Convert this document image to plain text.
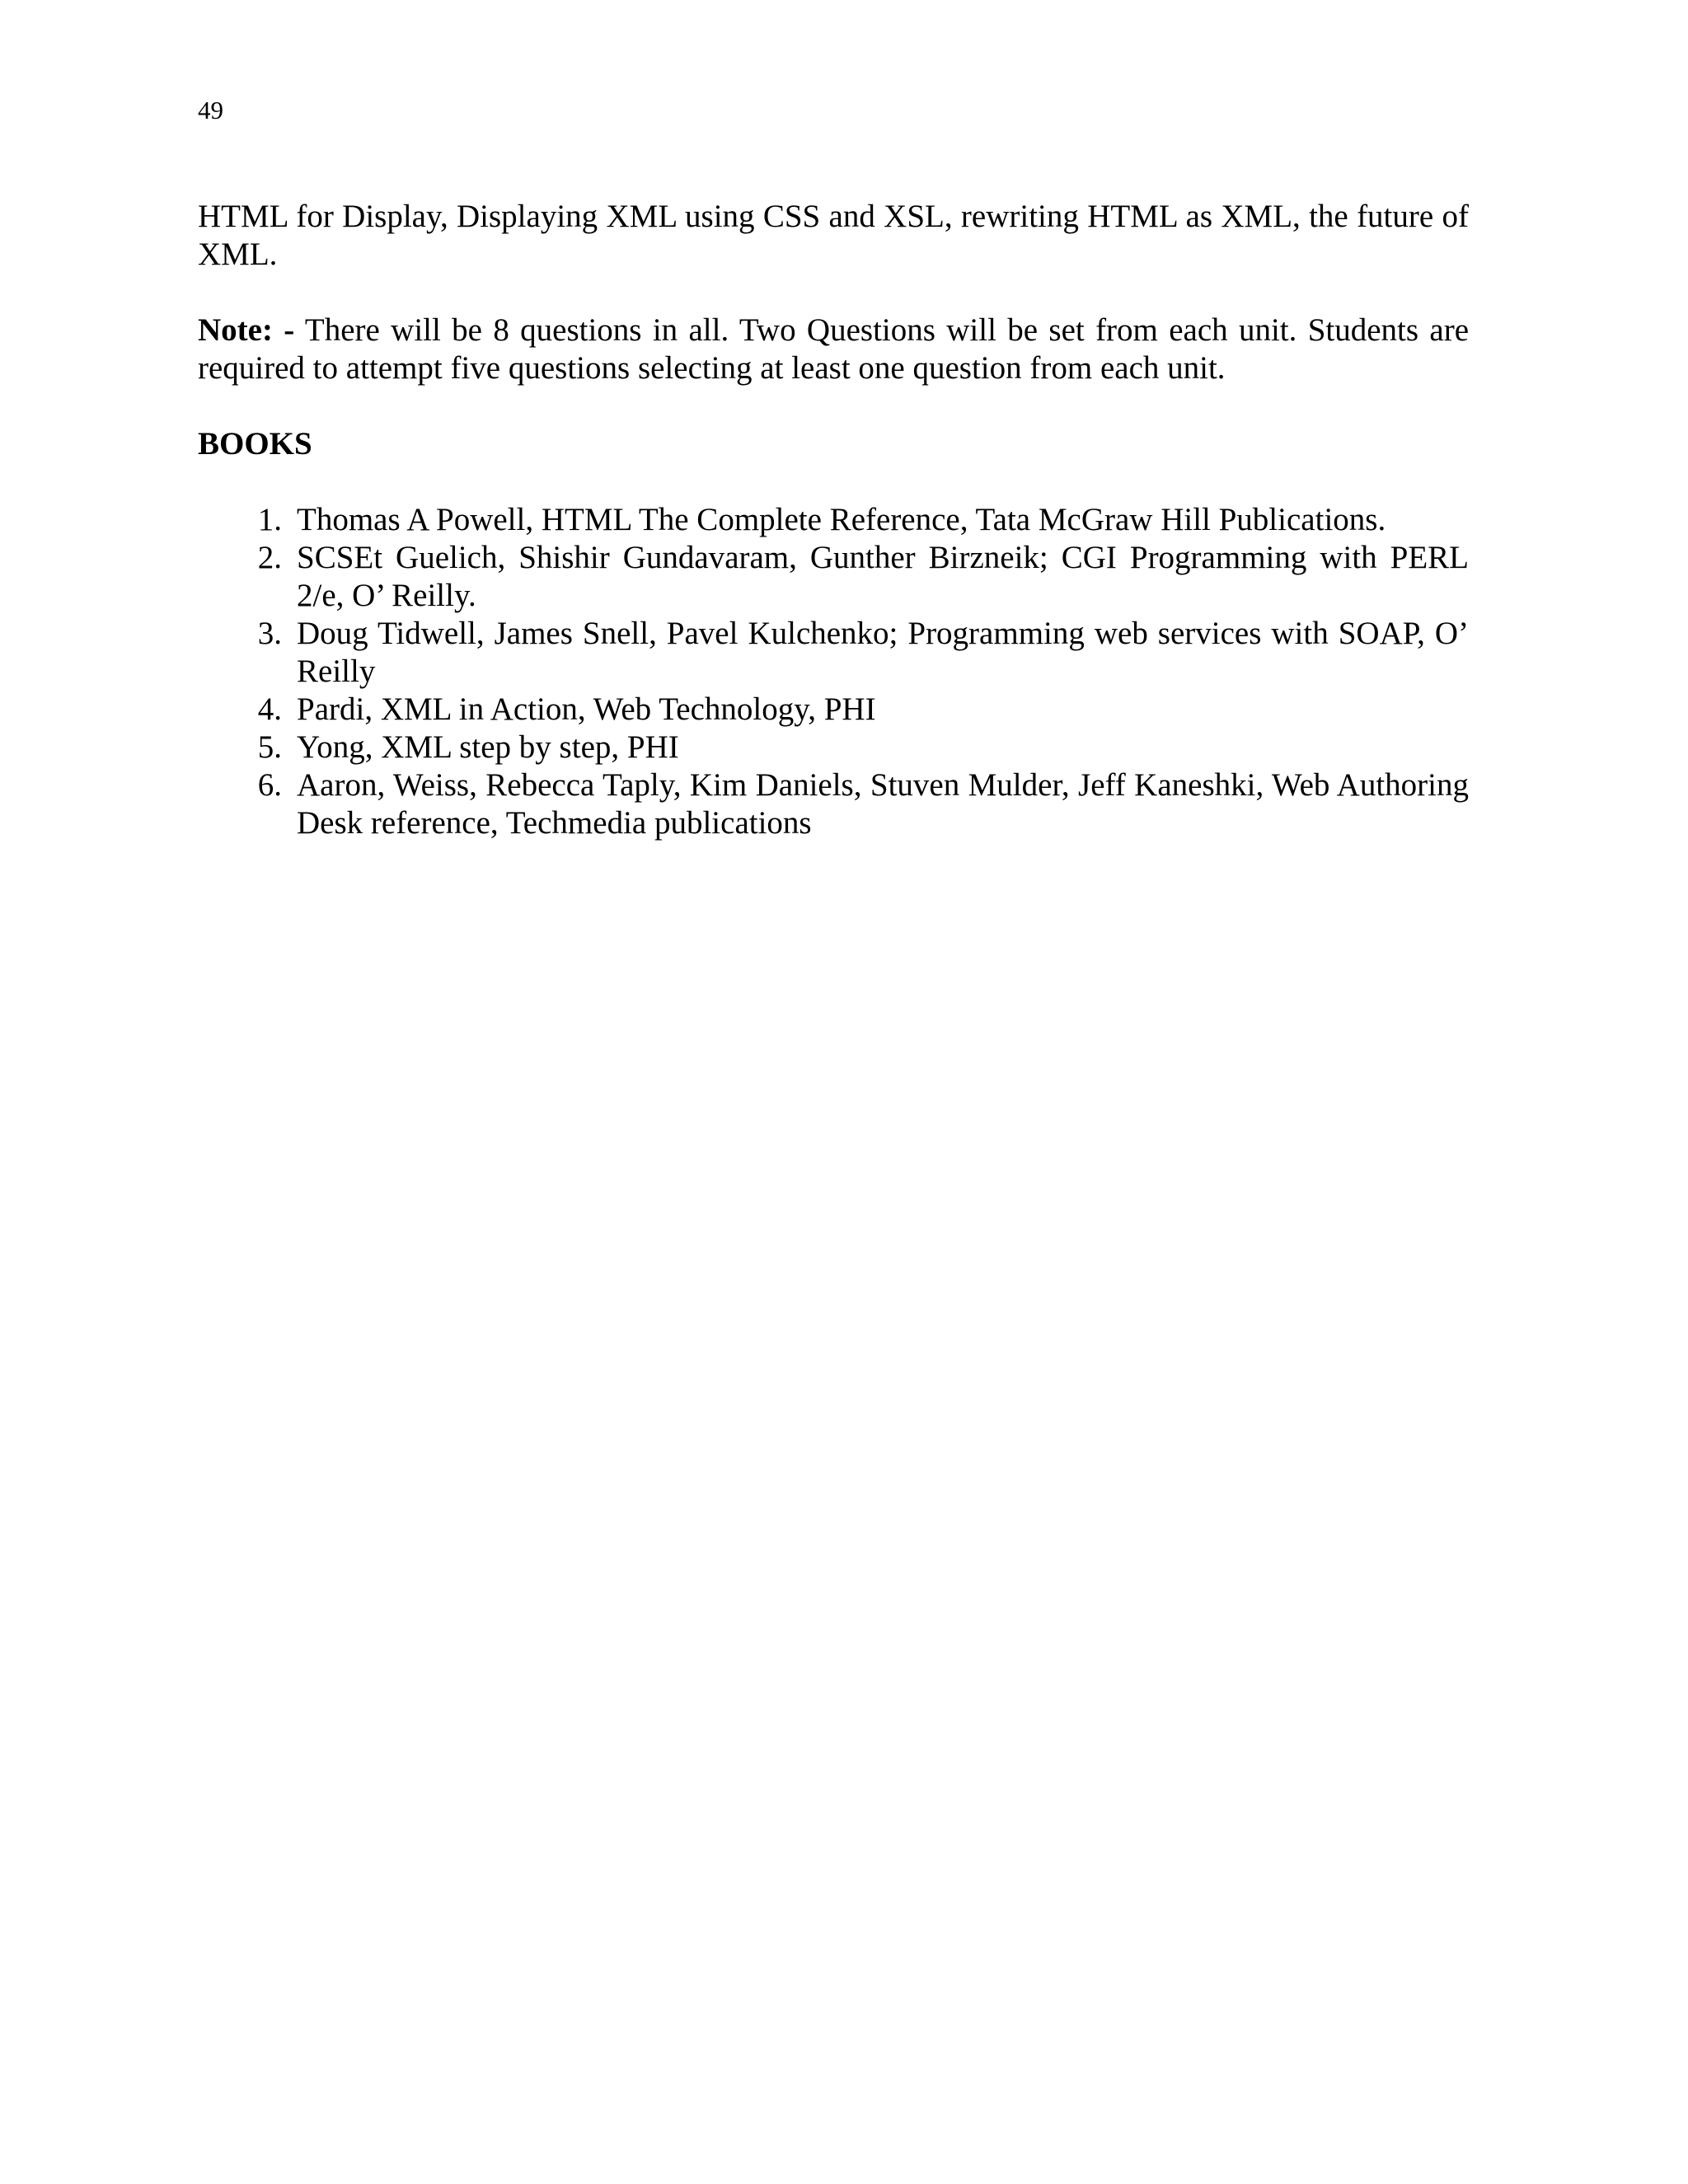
49

HTML for Display, Displaying XML using CSS and XSL, rewriting HTML as XML, the future of XML.

Note: - There will be 8 questions in all. Two Questions will be set from each unit. Students are required to attempt five questions selecting at least one question from each unit.

BOOKS
1. Thomas A Powell, HTML The Complete Reference, Tata McGraw Hill Publications.
2. SCSEt Guelich, Shishir Gundavaram, Gunther Birzneik; CGI Programming with PERL 2/e, O’ Reilly.
3. Doug Tidwell, James Snell, Pavel Kulchenko; Programming web services with SOAP, O’ Reilly
4. Pardi, XML in Action, Web Technology, PHI
5. Yong, XML step by step, PHI
6. Aaron, Weiss, Rebecca Taply, Kim Daniels, Stuven Mulder, Jeff Kaneshki, Web Authoring Desk reference, Techmedia publications
